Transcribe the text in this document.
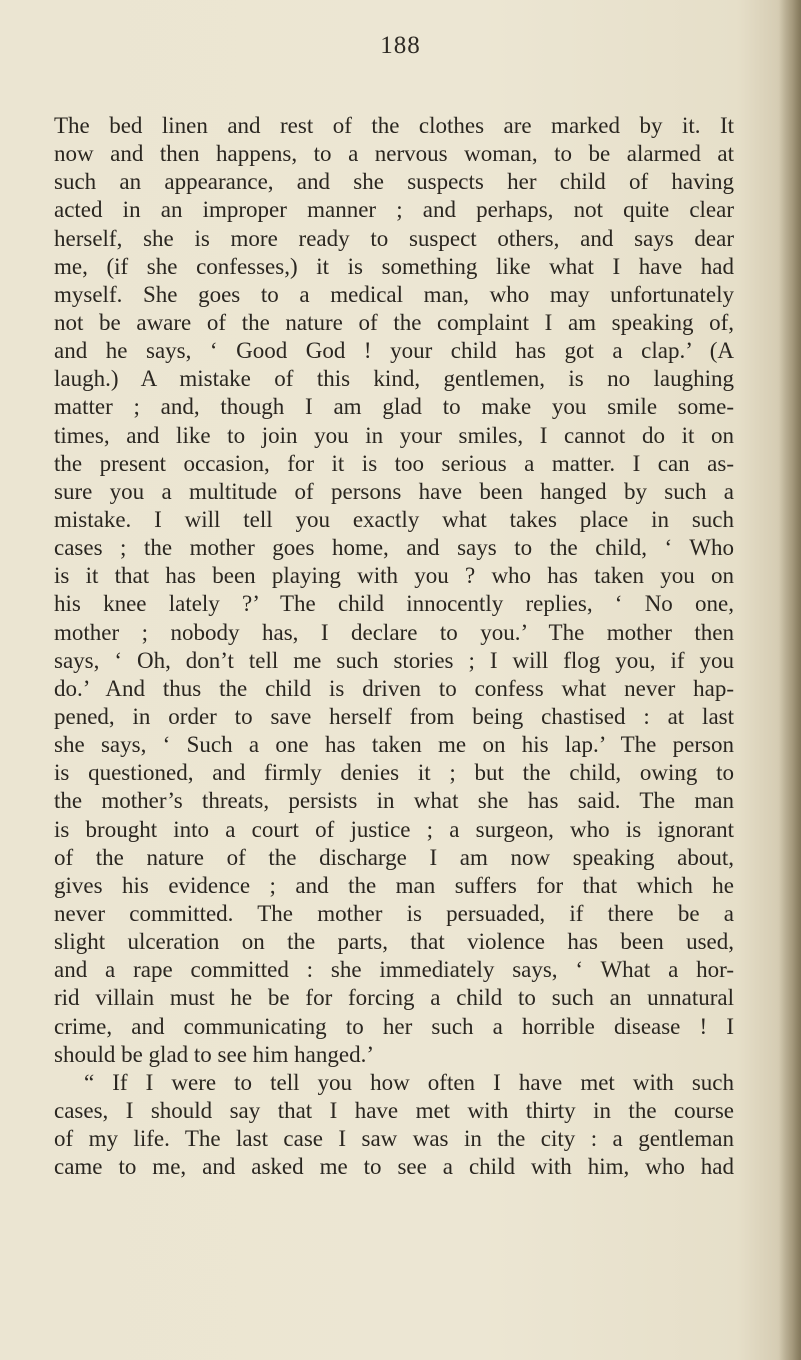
188
The bed linen and rest of the clothes are marked by it. It
now and then happens, to a nervous woman, to be alarmed at
such an appearance, and she suspects her child of having
acted in an improper manner ; and perhaps, not quite clear
herself, she is more ready to suspect others, and says dear
me, (if she confesses,) it is something like what I have had
myself. She goes to a medical man, who may unfortunately
not be aware of the nature of the complaint I am speaking of,
and he says, ‘ Good God ! your child has got a clap.’ (A
laugh.) A mistake of this kind, gentlemen, is no laughing
matter ; and, though I am glad to make you smile some-
times, and like to join you in your smiles, I cannot do it on
the present occasion, for it is too serious a matter. I can as-
sure you a multitude of persons have been hanged by such a
mistake. I will tell you exactly what takes place in such
cases ; the mother goes home, and says to the child, ‘ Who
is it that has been playing with you ? who has taken you on
his knee lately ?’ The child innocently replies, ‘ No one,
mother ; nobody has, I declare to you.’ The mother then
says, ‘ Oh, don’t tell me such stories ; I will flog you, if you
do.’ And thus the child is driven to confess what never hap-
pened, in order to save herself from being chastised : at last
she says, ‘ Such a one has taken me on his lap.’ The person
is questioned, and firmly denies it ; but the child, owing to
the mother’s threats, persists in what she has said. The man
is brought into a court of justice ; a surgeon, who is ignorant
of the nature of the discharge I am now speaking about,
gives his evidence ; and the man suffers for that which he
never committed. The mother is persuaded, if there be a
slight ulceration on the parts, that violence has been used,
and a rape committed : she immediately says, ‘ What a hor-
rid villain must he be for forcing a child to such an unnatural
crime, and communicating to her such a horrible disease ! I
should be glad to see him hanged.’
“ If I were to tell you how often I have met with such
cases, I should say that I have met with thirty in the course
of my life. The last case I saw was in the city : a gentleman
came to me, and asked me to see a child with him, who had
